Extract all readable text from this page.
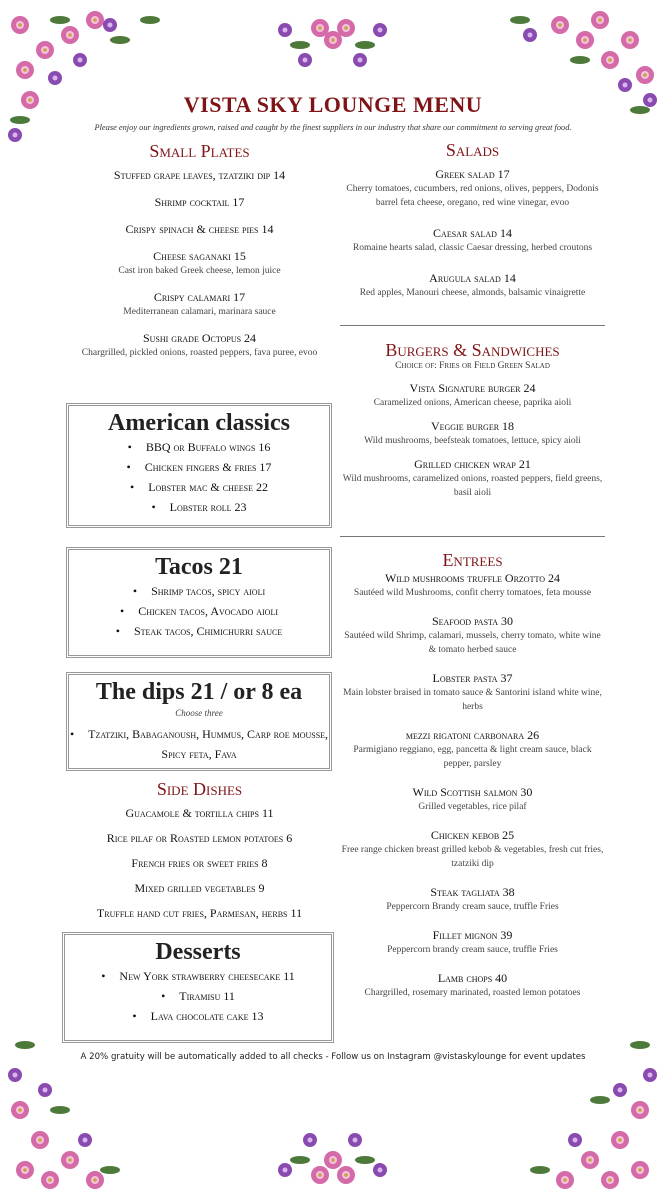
VISTA SKY LOUNGE MENU

Please enjoy our ingredients grown, raised and caught by the finest suppliers in our industry that share our commitment to serving great food.

Small Plates
Stuffed grape leaves, tzatziki dip 14
Shrimp cocktail 17
Crispy spinach & cheese pies 14
Cheese saganaki 15
Cast iron baked Greek cheese, lemon juice
Crispy calamari 17
Mediterranean calamari, marinara sauce
Sushi grade Octopus 24
Chargrilled, pickled onions, roasted peppers, fava puree, evoo
American classics
• BBQ or Buffalo wings 16
• Chicken fingers & fries 17
• Lobster mac & cheese 22
• Lobster roll 23
Tacos 21
• Shrimp tacos, spicy aioli
• Chicken tacos, Avocado aioli
• Steak tacos, Chimichurri sauce
The dips 21 / or 8 ea
Choose three
• Tzatziki, Babaganoush, Hummus, Carp roe mousse, Spicy feta, Fava
Side Dishes
Guacamole & tortilla chips 11
Rice pilaf or Roasted lemon potatoes 6
French fries or sweet fries 8
Mixed grilled vegetables 9
Truffle hand cut fries, Parmesan, herbs 11
Desserts
• New York strawberry cheesecake 11
• Tiramisu 11
• Lava chocolate cake 13
Salads
Greek salad 17
Cherry tomatoes, cucumbers, red onions, olives, peppers, Dodonis barrel feta cheese, oregano, red wine vinegar, evoo
Caesar salad 14
Romaine hearts salad, classic Caesar dressing, herbed croutons
Arugula salad 14
Red apples, Manouri cheese, almonds, balsamic vinaigrette
Burgers & Sandwiches
Choice of: Fries or Field Green Salad
Vista Signature burger 24
Caramelized onions, American cheese, paprika aioli
Veggie burger 18
Wild mushrooms, beefsteak tomatoes, lettuce, spicy aioli
Grilled chicken wrap 21
Wild mushrooms, caramelized onions, roasted peppers, field greens, basil aioli
Entrees
Wild mushrooms truffle Orzotto 24
Sautéed wild Mushrooms, confit cherry tomatoes, feta mousse
Seafood pasta 30
Sautéed wild Shrimp, calamari, mussels, cherry tomato, white wine & tomato herbed sauce
Lobster pasta 37
Main lobster braised in tomato sauce & Santorini island white wine, herbs
mezzi rigatoni carbonara 26
Parmigiano reggiano, egg, pancetta & light cream sauce, black pepper, parsley
Wild Scottish salmon 30
Grilled vegetables, rice pilaf
Chicken kebob 25
Free range chicken breast grilled kebob & vegetables, fresh cut fries, tzatziki dip
Steak tagliata 38
Peppercorn Brandy cream sauce, truffle Fries
Fillet mignon 39
Peppercorn brandy cream sauce, truffle Fries
Lamb chops 40
Chargrilled, rosemary marinated, roasted lemon potatoes

A 20% gratuity will be automatically added to all checks - Follow us on Instagram @vistaskylounge for event updates
